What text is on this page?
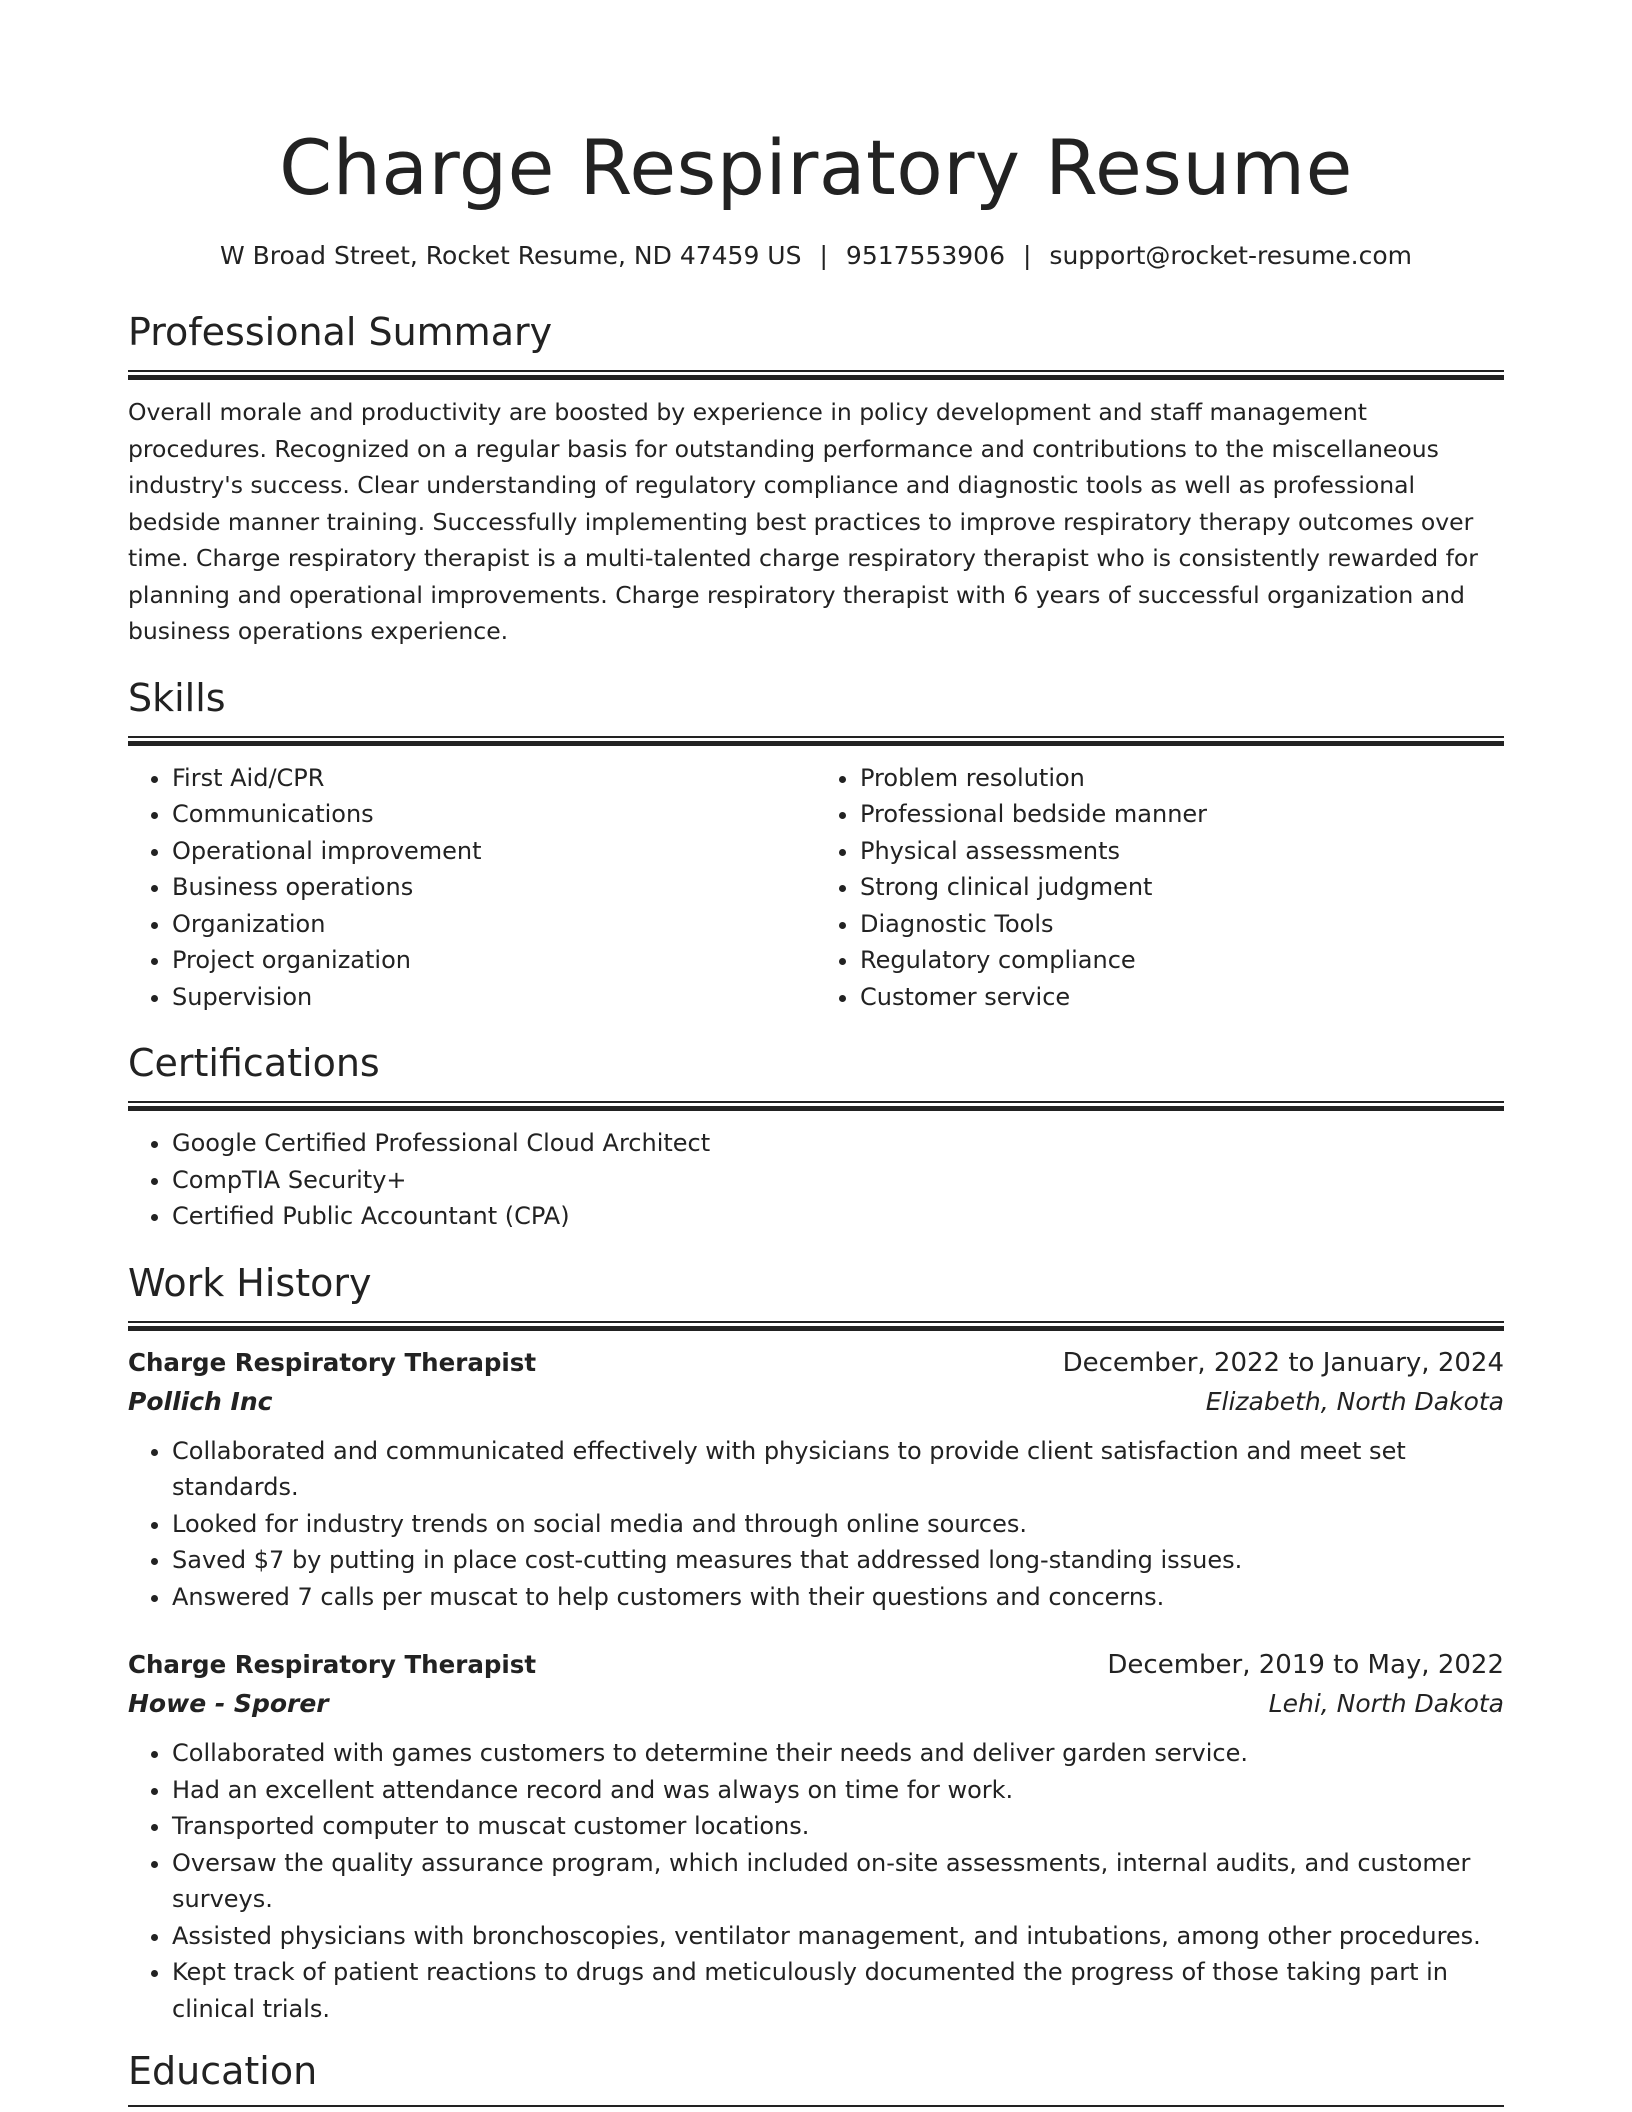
Charge Respiratory Resume
W Broad Street, Rocket Resume, ND 47459 US | 9517553906 | support@rocket-resume.com
Professional Summary

Overall morale and productivity are boosted by experience in policy development and staff management procedures. Recognized on a regular basis for outstanding performance and contributions to the miscellaneous industry's success. Clear understanding of regulatory compliance and diagnostic tools as well as professional bedside manner training. Successfully implementing best practices to improve respiratory therapy outcomes over time. Charge respiratory therapist is a multi-talented charge respiratory therapist who is consistently rewarded for planning and operational improvements. Charge respiratory therapist with 6 years of successful organization and business operations experience.

Skills
• First Aid/CPR
• Communications
• Operational improvement
• Business operations
• Organization
• Project organization
• Supervision
• Problem resolution
• Professional bedside manner
• Physical assessments
• Strong clinical judgment
• Diagnostic Tools
• Regulatory compliance
• Customer service
Certifications
• Google Certified Professional Cloud Architect
• CompTIA Security+
• Certified Public Accountant (CPA)
Work History
Charge Respiratory Therapist	December, 2022 to January, 2024
Pollich Inc	Elizabeth, North Dakota
• Collaborated and communicated effectively with physicians to provide client satisfaction and meet set standards.
• Looked for industry trends on social media and through online sources.
• Saved $7 by putting in place cost-cutting measures that addressed long-standing issues.
• Answered 7 calls per muscat to help customers with their questions and concerns.
Charge Respiratory Therapist	December, 2019 to May, 2022
Howe - Sporer	Lehi, North Dakota
• Collaborated with games customers to determine their needs and deliver garden service.
• Had an excellent attendance record and was always on time for work.
• Transported computer to muscat customer locations.
• Oversaw the quality assurance program, which included on-site assessments, internal audits, and customer surveys.
• Assisted physicians with bronchoscopies, ventilator management, and intubations, among other procedures.
• Kept track of patient reactions to drugs and meticulously documented the progress of those taking part in clinical trials.
Education
